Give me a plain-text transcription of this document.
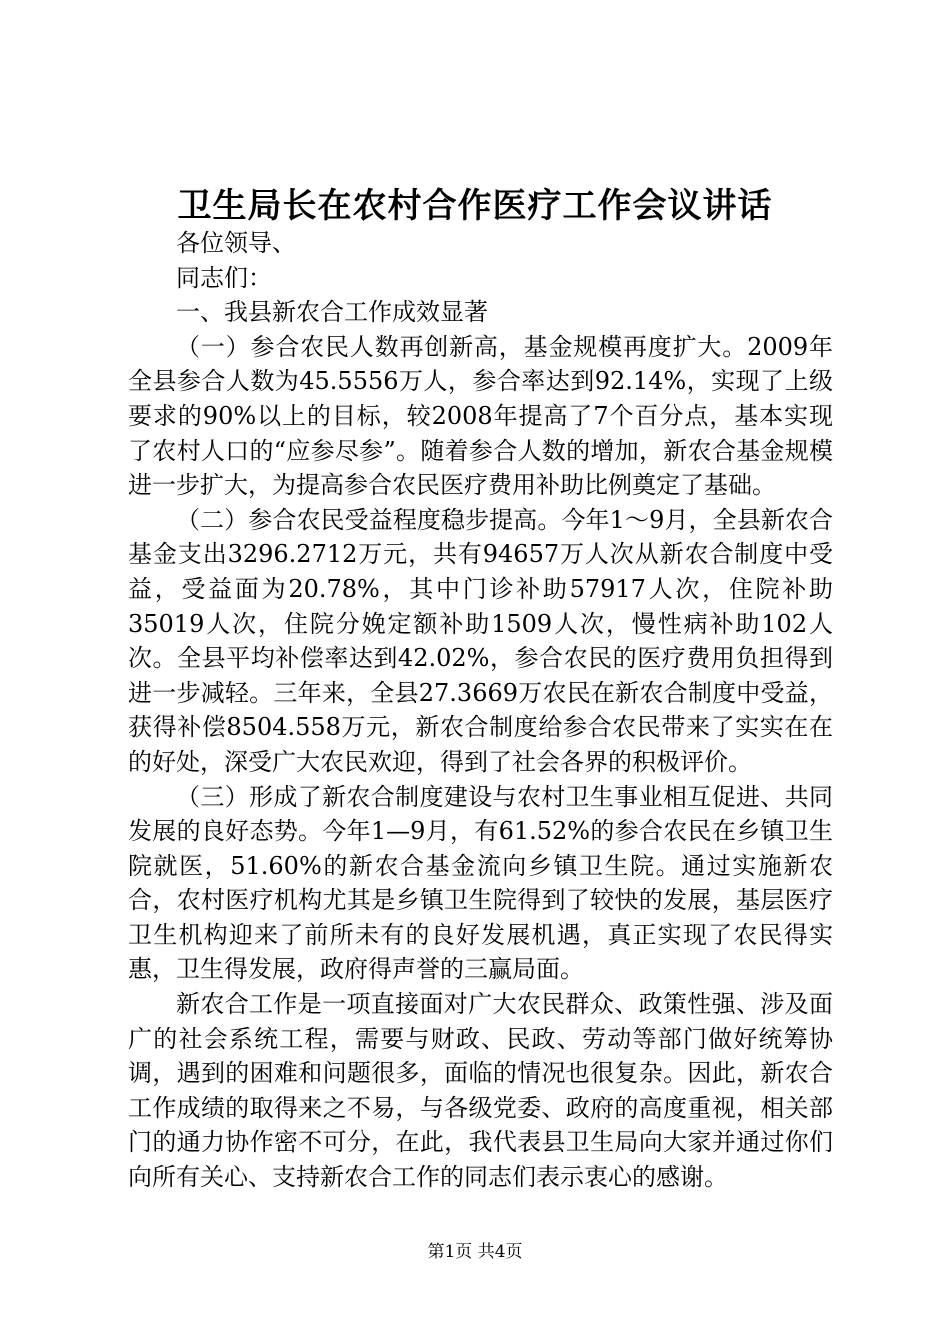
卫生局长在农村合作医疗工作会议讲话

各位领导、

同志们：

一、我县新农合工作成效显著

（一）参合农民人数再创新高，基金规模再度扩大。2009年全县参合人数为45.5556万人，参合率达到92.14%，实现了上级要求的90%以上的目标，较2008年提高了7个百分点，基本实现了农村人口的“应参尽参”。随着参合人数的增加，新农合基金规模进一步扩大，为提高参合农民医疗费用补助比例奠定了基础。

（二）参合农民受益程度稳步提高。今年1～9月，全县新农合基金支出3296.2712万元，共有94657万人次从新农合制度中受益，受益面为20.78%，其中门诊补助57917人次，住院补助35019人次，住院分娩定额补助1509人次，慢性病补助102人次。全县平均补偿率达到42.02%，参合农民的医疗费用负担得到进一步减轻。三年来，全县27.3669万农民在新农合制度中受益，获得补偿8504.558万元，新农合制度给参合农民带来了实实在在的好处，深受广大农民欢迎，得到了社会各界的积极评价。

（三）形成了新农合制度建设与农村卫生事业相互促进、共同发展的良好态势。今年1—9月，有61.52%的参合农民在乡镇卫生院就医，51.60%的新农合基金流向乡镇卫生院。通过实施新农合，农村医疗机构尤其是乡镇卫生院得到了较快的发展，基层医疗卫生机构迎来了前所未有的良好发展机遇，真正实现了农民得实惠，卫生得发展，政府得声誉的三赢局面。

新农合工作是一项直接面对广大农民群众、政策性强、涉及面广的社会系统工程，需要与财政、民政、劳动等部门做好统筹协调，遇到的困难和问题很多，面临的情况也很复杂。因此，新农合工作成绩的取得来之不易，与各级党委、政府的高度重视，相关部门的通力协作密不可分，在此，我代表县卫生局向大家并通过你们向所有关心、支持新农合工作的同志们表示衷心的感谢。

第1页 共4页
